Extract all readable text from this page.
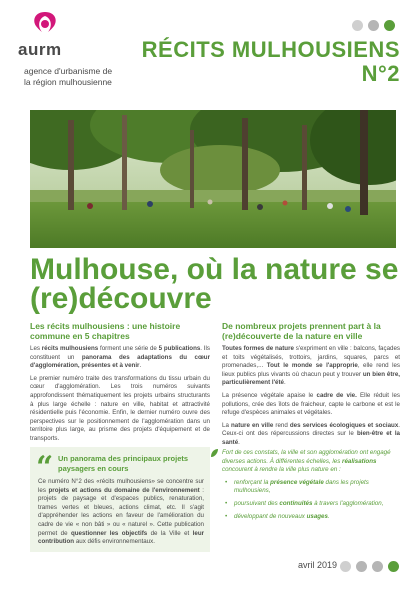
aurm
agence d'urbanisme de
la région mulhousienne
RÉCITS MULHOUSIENS
N°2
Mulhouse, où la nature se
(re)découvre
Les récits mulhousiens : une histoire commune en 5 chapitres

Les récits mulhousiens forment une série de 5 publications. Ils constituent un panorama des adaptations du cœur d'agglomération, présentes et à venir.

Le premier numéro traite des transformations du tissu urbain du cœur d'agglomération. Les trois numéros suivants approfondissent thématiquement les projets urbains structurants à plus large échelle : nature en ville, habitat et attractivité résidentielle puis l'économie. Enfin, le dernier numéro ouvre des perspectives sur le positionnement de l'agglomération dans un territoire plus large, au prisme des projets d'équipement et de transports.

“ Un panorama des principaux projets paysagers en cours
Ce numéro N°2 des «récits mulhousiens» se concentre sur les projets et actions du domaine de l'environnement : projets de paysage et d'espaces publics, renaturation, trames vertes et bleues, actions climat, etc. Il s'agit d'appréhender les actions en faveur de l'amélioration du cadre de vie « non bâti » ou « naturel ». Cette publication permet de questionner les objectifs de la Ville et leur contribution aux défis environnementaux.
De nombreux projets prennent part à la (re)découverte de la nature en ville

Toutes formes de nature s'expriment en ville : balcons, façades et toits végétalisés, trottoirs, jardins, squares, parcs et promenades,... Tout le monde se l'approprie, elle rend les lieux publics plus vivants où chacun peut y trouver un bien être, particulièrement l'été.

La présence végétale apaise le cadre de vie. Elle réduit les pollutions, crée des îlots de fraicheur, capte le carbone et est le refuge d'espèces animales et végétales.

La nature en ville rend des services écologiques et sociaux. Ceux-ci ont des répercussions directes sur le bien-être et la santé.

Fort de ces constats, la ville et son agglomération ont engagé diverses actions. À différentes échelles, les réalisations concourent à rendre la ville plus nature en :
• renforçant la présence végétale dans les projets mulhousiens,
• poursuivant des continuités à travers l'agglomération,
• développant de nouveaux usages.
avril 2019
